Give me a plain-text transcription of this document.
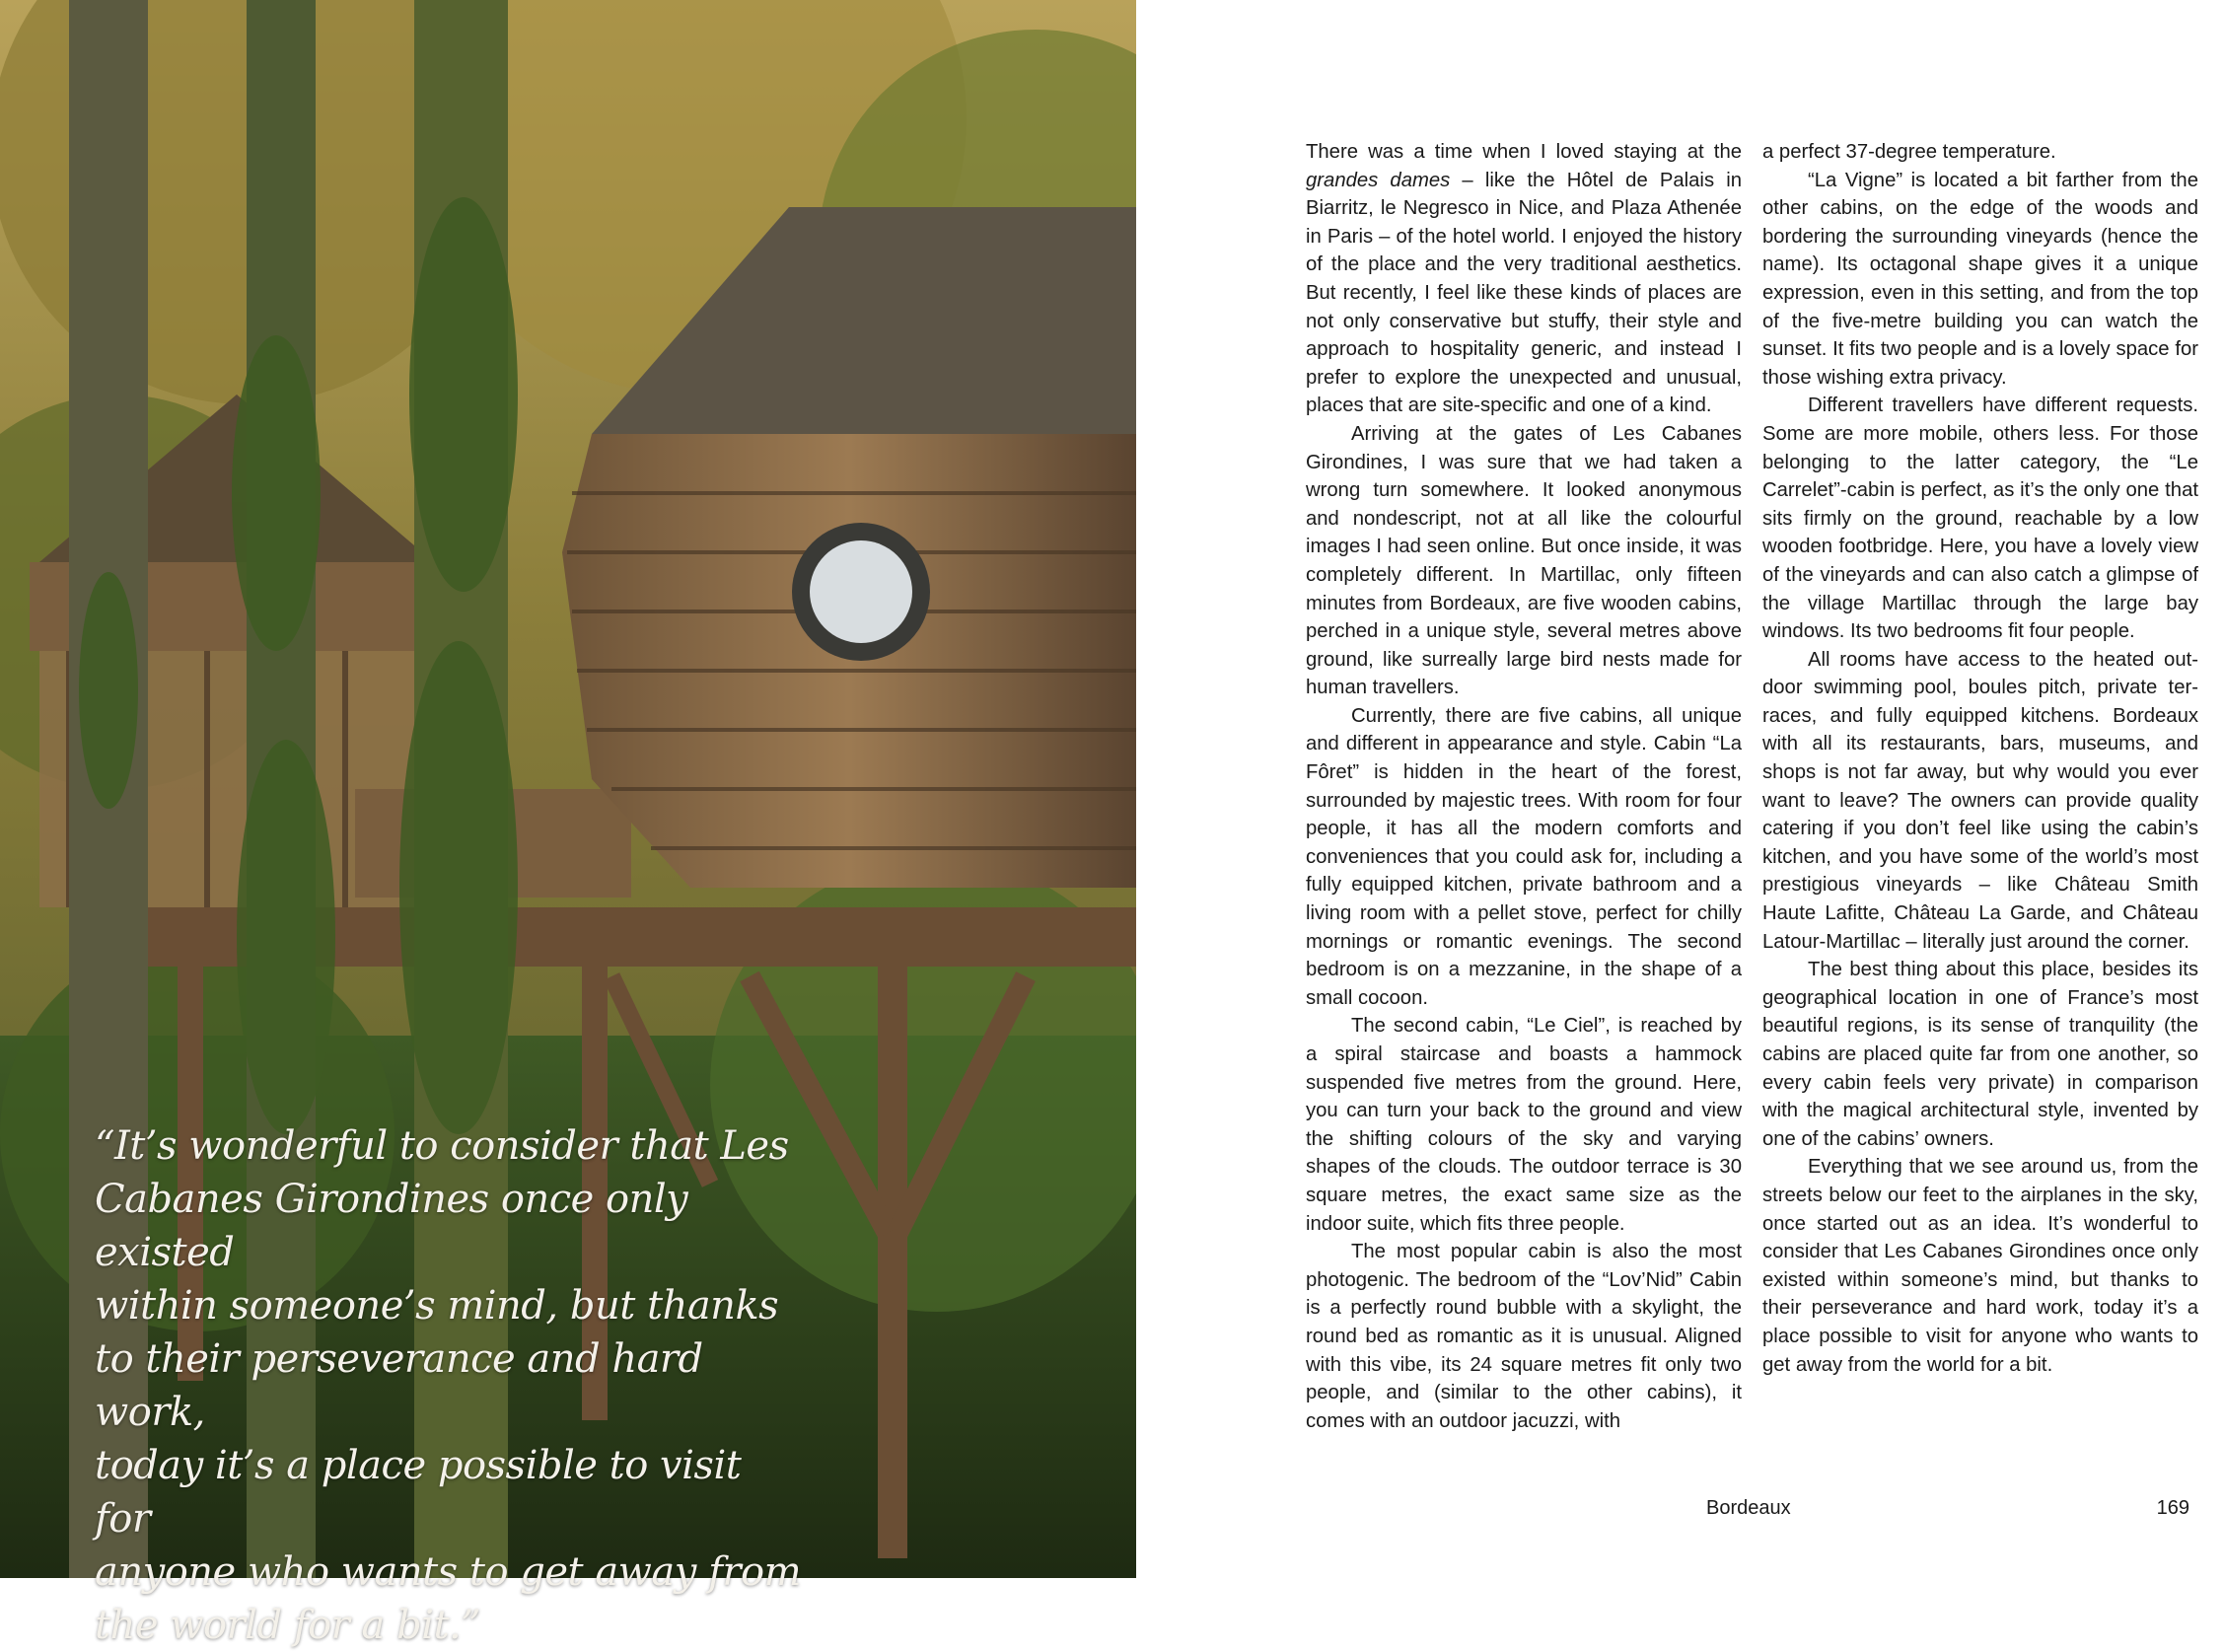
“It’s wonderful to consider that Les
Cabanes Girondines once only existed
within someone’s mind, but thanks
to their perseverance and hard work,
today it’s a place possible to visit for
anyone who wants to get away from
the world for a bit.”

There was a time when I loved staying at the grandes dames – like the Hôtel de Palais in Biarritz, le Negresco in Nice, and Plaza Athenée in Paris – of the hotel world. I enjoyed the history of the place and the very traditional aesthetics. But recently, I feel like these kinds of places are not only conservative but stuffy, their style and approach to hospitality generic, and instead I prefer to explore the unexpected and unusual, places that are site-specific and one of a kind.

Arriving at the gates of Les Cabanes Girondines, I was sure that we had taken a wrong turn somewhere. It looked anonymous and nondescript, not at all like the colourful images I had seen online. But once inside, it was completely different. In Martillac, only fifteen minutes from Bordeaux, are five wooden cabins, perched in a unique style, several metres above ground, like surreally large bird nests made for human travellers.

Currently, there are five cabins, all unique and different in appearance and style. Cabin “La Fôret” is hidden in the heart of the forest, surrounded by majestic trees. With room for four people, it has all the modern comforts and conveniences that you could ask for, including a fully equipped kitchen, private bathroom and a living room with a pellet stove, perfect for chilly mornings or romantic evenings. The second bedroom is on a mezzanine, in the shape of a small cocoon.

The second cabin, “Le Ciel”, is reached by a spiral staircase and boasts a hammock suspended five metres from the ground. Here, you can turn your back to the ground and view the shifting colours of the sky and varying shapes of the clouds. The outdoor terrace is 30 square metres, the exact same size as the indoor suite, which fits three people.

The most popular cabin is also the most photogenic. The bedroom of the “Lov’Nid” Cabin is a perfectly round bubble with a skylight, the round bed as romantic as it is unusual. Aligned with this vibe, its 24 square metres fit only two people, and (similar to the other cabins), it comes with an outdoor jacuzzi, with

a perfect 37-degree temperature.

“La Vigne” is located a bit farther from the other cabins, on the edge of the woods and bordering the surrounding vineyards (hence the name). Its octagonal shape gives it a unique expression, even in this setting, and from the top of the five-metre building you can watch the sunset. It fits two people and is a lovely space for those wishing extra privacy.

Different travellers have different requests. Some are more mobile, others less. For those belonging to the latter category, the “Le Carrelet”-cabin is perfect, as it’s the only one that sits firmly on the ground, reachable by a low wooden footbridge. Here, you have a lovely view of the vineyards and can also catch a glimpse of the village Martillac through the large bay windows. Its two bedrooms fit four people.

All rooms have access to the heated outdoor swimming pool, boules pitch, private terraces, and fully equipped kitchens. Bordeaux with all its restaurants, bars, museums, and shops is not far away, but why would you ever want to leave? The owners can provide quality catering if you don’t feel like using the cabin’s kitchen, and you have some of the world’s most prestigious vineyards – like Château Smith Haute Lafitte, Château La Garde, and Château Latour-Martillac – literally just around the corner.

The best thing about this place, besides its geographical location in one of France’s most beautiful regions, is its sense of tranquility (the cabins are placed quite far from one another, so every cabin feels very private) in comparison with the magical architectural style, invented by one of the cabins’ owners.

Everything that we see around us, from the streets below our feet to the airplanes in the sky, once started out as an idea. It’s wonderful to consider that Les Cabanes Girondines once only existed within someone’s mind, but thanks to their perseverance and hard work, today it’s a place possible to visit for anyone who wants to get away from the world for a bit.

Bordeaux	169
